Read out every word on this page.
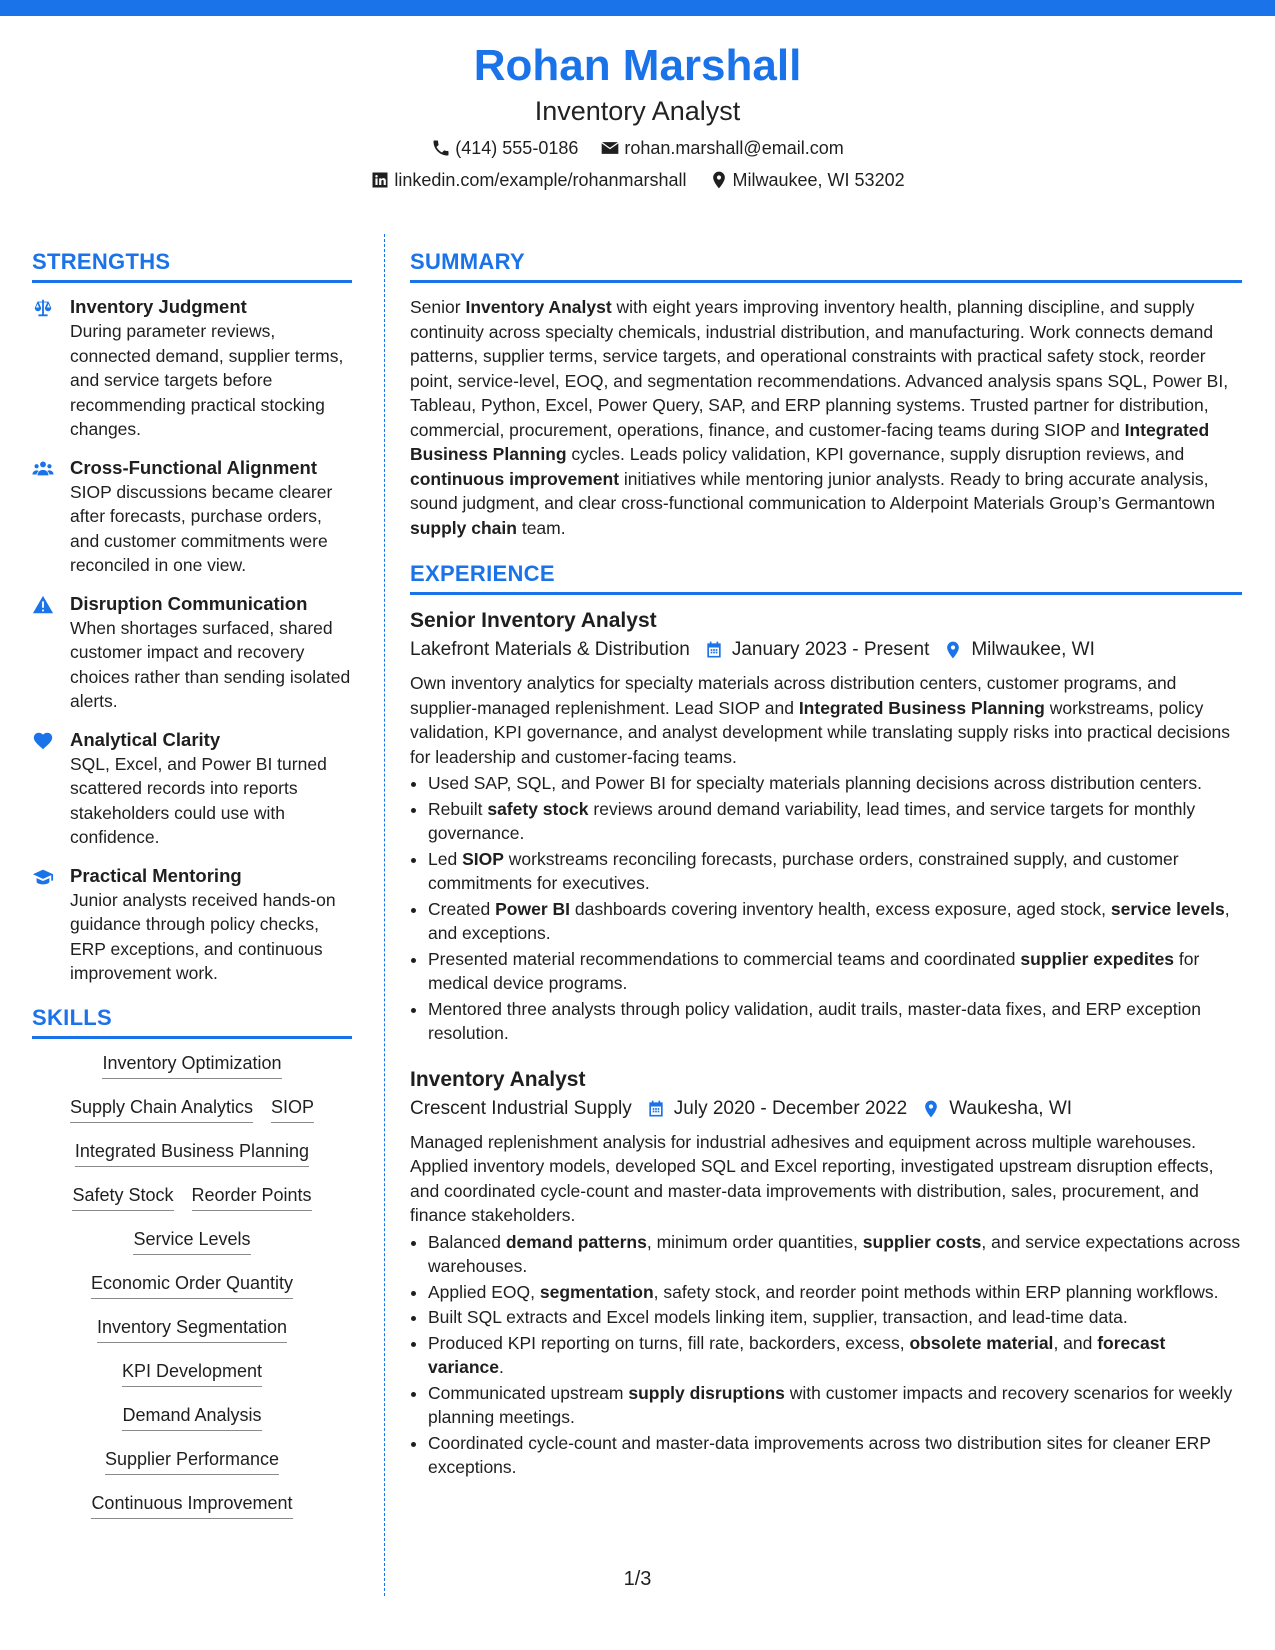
Rohan Marshall
Inventory Analyst
(414) 555-0186	rohan.marshall@email.com
linkedin.com/example/rohanmarshall	Milwaukee, WI 53202
STRENGTHS
Inventory Judgment
During parameter reviews, connected demand, supplier terms, and service targets before recommending practical stocking changes.
Cross-Functional Alignment
SIOP discussions became clearer after forecasts, purchase orders, and customer commitments were reconciled in one view.
Disruption Communication
When shortages surfaced, shared customer impact and recovery choices rather than sending isolated alerts.
Analytical Clarity
SQL, Excel, and Power BI turned scattered records into reports stakeholders could use with confidence.
Practical Mentoring
Junior analysts received hands-on guidance through policy checks, ERP exceptions, and continuous improvement work.
SKILLS
Inventory Optimization
Supply Chain Analytics SIOP
Integrated Business Planning
Safety Stock Reorder Points
Service Levels
Economic Order Quantity
Inventory Segmentation
KPI Development
Demand Analysis
Supplier Performance
Continuous Improvement
SUMMARY

Senior Inventory Analyst with eight years improving inventory health, planning discipline, and supply continuity across specialty chemicals, industrial distribution, and manufacturing. Work connects demand patterns, supplier terms, service targets, and operational constraints with practical safety stock, reorder point, service-level, EOQ, and segmentation recommendations. Advanced analysis spans SQL, Power BI, Tableau, Python, Excel, Power Query, SAP, and ERP planning systems. Trusted partner for distribution, commercial, procurement, operations, finance, and customer-facing teams during SIOP and Integrated Business Planning cycles. Leads policy validation, KPI governance, supply disruption reviews, and continuous improvement initiatives while mentoring junior analysts. Ready to bring accurate analysis, sound judgment, and clear cross-functional communication to Alderpoint Materials Group’s Germantown supply chain team.

EXPERIENCE
Senior Inventory Analyst
Lakefront Materials & Distribution January 2023 - Present Milwaukee, WI

Own inventory analytics for specialty materials across distribution centers, customer programs, and supplier-managed replenishment. Lead SIOP and Integrated Business Planning workstreams, policy validation, KPI governance, and analyst development while translating supply risks into practical decisions for leadership and customer-facing teams.

• Used SAP, SQL, and Power BI for specialty materials planning decisions across distribution centers.
• Rebuilt safety stock reviews around demand variability, lead times, and service targets for monthly governance.
• Led SIOP workstreams reconciling forecasts, purchase orders, constrained supply, and customer commitments for executives.
• Created Power BI dashboards covering inventory health, excess exposure, aged stock, service levels, and exceptions.
• Presented material recommendations to commercial teams and coordinated supplier expedites for medical device programs.
• Mentored three analysts through policy validation, audit trails, master-data fixes, and ERP exception resolution.
Inventory Analyst
Crescent Industrial Supply July 2020 - December 2022 Waukesha, WI

Managed replenishment analysis for industrial adhesives and equipment across multiple warehouses. Applied inventory models, developed SQL and Excel reporting, investigated upstream disruption effects, and coordinated cycle-count and master-data improvements with distribution, sales, procurement, and finance stakeholders.

• Balanced demand patterns, minimum order quantities, supplier costs, and service expectations across warehouses.
• Applied EOQ, segmentation, safety stock, and reorder point methods within ERP planning workflows.
• Built SQL extracts and Excel models linking item, supplier, transaction, and lead-time data.
• Produced KPI reporting on turns, fill rate, backorders, excess, obsolete material, and forecast variance.
• Communicated upstream supply disruptions with customer impacts and recovery scenarios for weekly planning meetings.
• Coordinated cycle-count and master-data improvements across two distribution sites for cleaner ERP exceptions.
1/3
